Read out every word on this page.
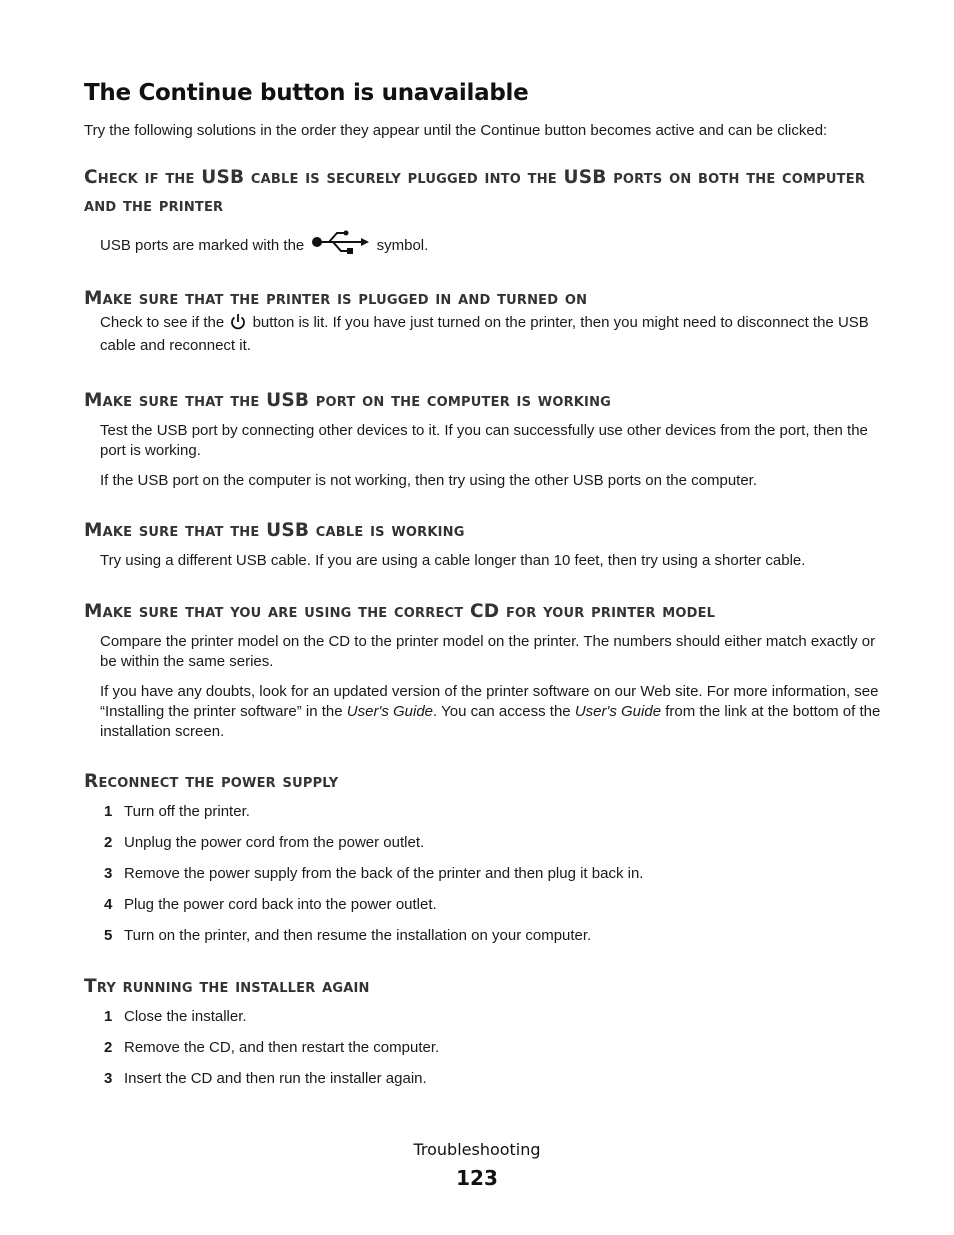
The Continue button is unavailable

Try the following solutions in the order they appear until the Continue button becomes active and can be clicked:

Check if the USB cable is securely plugged into the USB ports on both the computer and the printer

USB ports are marked with the	symbol.

Make sure that the printer is plugged in and turned on

Check to see if the button is lit. If you have just turned on the printer, then you might need to disconnect the USB cable and reconnect it.

Make sure that the USB port on the computer is working

Test the USB port by connecting other devices to it. If you can successfully use other devices from the port, then the port is working.

If the USB port on the computer is not working, then try using the other USB ports on the computer.

Make sure that the USB cable is working

Try using a different USB cable. If you are using a cable longer than 10 feet, then try using a shorter cable.

Make sure that you are using the correct CD for your printer model

Compare the printer model on the CD to the printer model on the printer. The numbers should either match exactly or be within the same series.

If you have any doubts, look for an updated version of the printer software on our Web site. For more information, see “Installing the printer software” in the User's Guide. You can access the User's Guide from the link at the bottom of the installation screen.

Reconnect the power supply
1 Turn off the printer.
2 Unplug the power cord from the power outlet.
3 Remove the power supply from the back of the printer and then plug it back in.
4 Plug the power cord back into the power outlet.
5 Turn on the printer, and then resume the installation on your computer.
Try running the installer again
1 Close the installer.
2 Remove the CD, and then restart the computer.
3 Insert the CD and then run the installer again.
Troubleshooting
123
